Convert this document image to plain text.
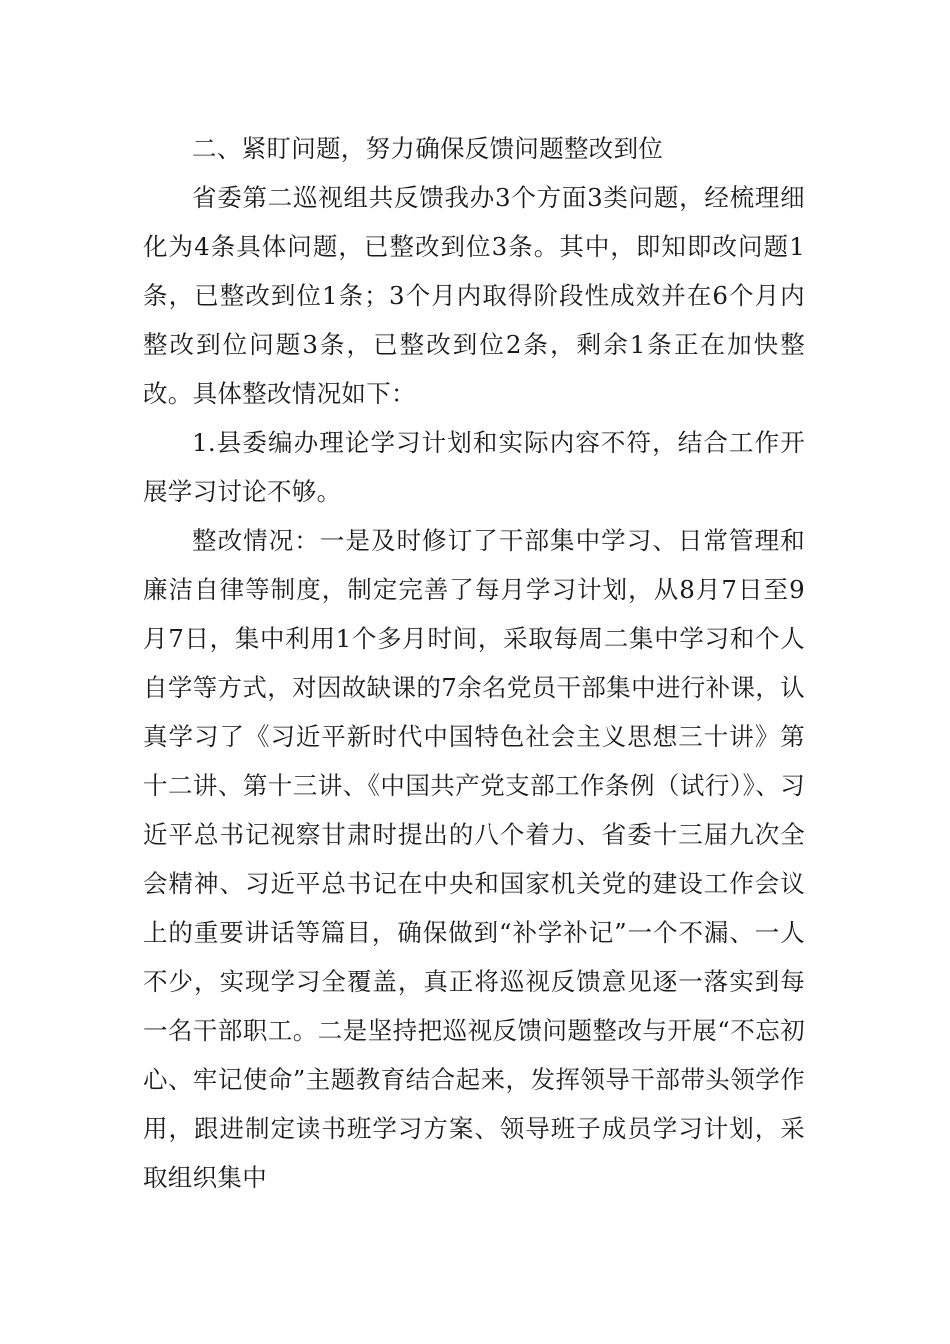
二、紧盯问题，努力确保反馈问题整改到位

省委第二巡视组共反馈我办3个方面3类问题，经梳理细化为4条具体问题，已整改到位3条。其中，即知即改问题1条，已整改到位1条；3个月内取得阶段性成效并在6个月内整改到位问题3条，已整改到位2条，剩余1条正在加快整改。具体整改情况如下：

1.县委编办理论学习计划和实际内容不符，结合工作开展学习讨论不够。

整改情况：一是及时修订了干部集中学习、日常管理和廉洁自律等制度，制定完善了每月学习计划，从8月7日至9月7日，集中利用1个多月时间，采取每周二集中学习和个人自学等方式，对因故缺课的7余名党员干部集中进行补课，认真学习了《习近平新时代中国特色社会主义思想三十讲》第十二讲、第十三讲、《中国共产党支部工作条例（试行）》、习近平总书记视察甘肃时提出的八个着力、省委十三届九次全会精神、习近平总书记在中央和国家机关党的建设工作会议上的重要讲话等篇目，确保做到“补学补记”一个不漏、一人不少，实现学习全覆盖，真正将巡视反馈意见逐一落实到每一名干部职工。二是坚持把巡视反馈问题整改与开展“不忘初心、牢记使命”主题教育结合起来，发挥领导干部带头领学作用，跟进制定读书班学习方案、领导班子成员学习计划，采取组织集中
